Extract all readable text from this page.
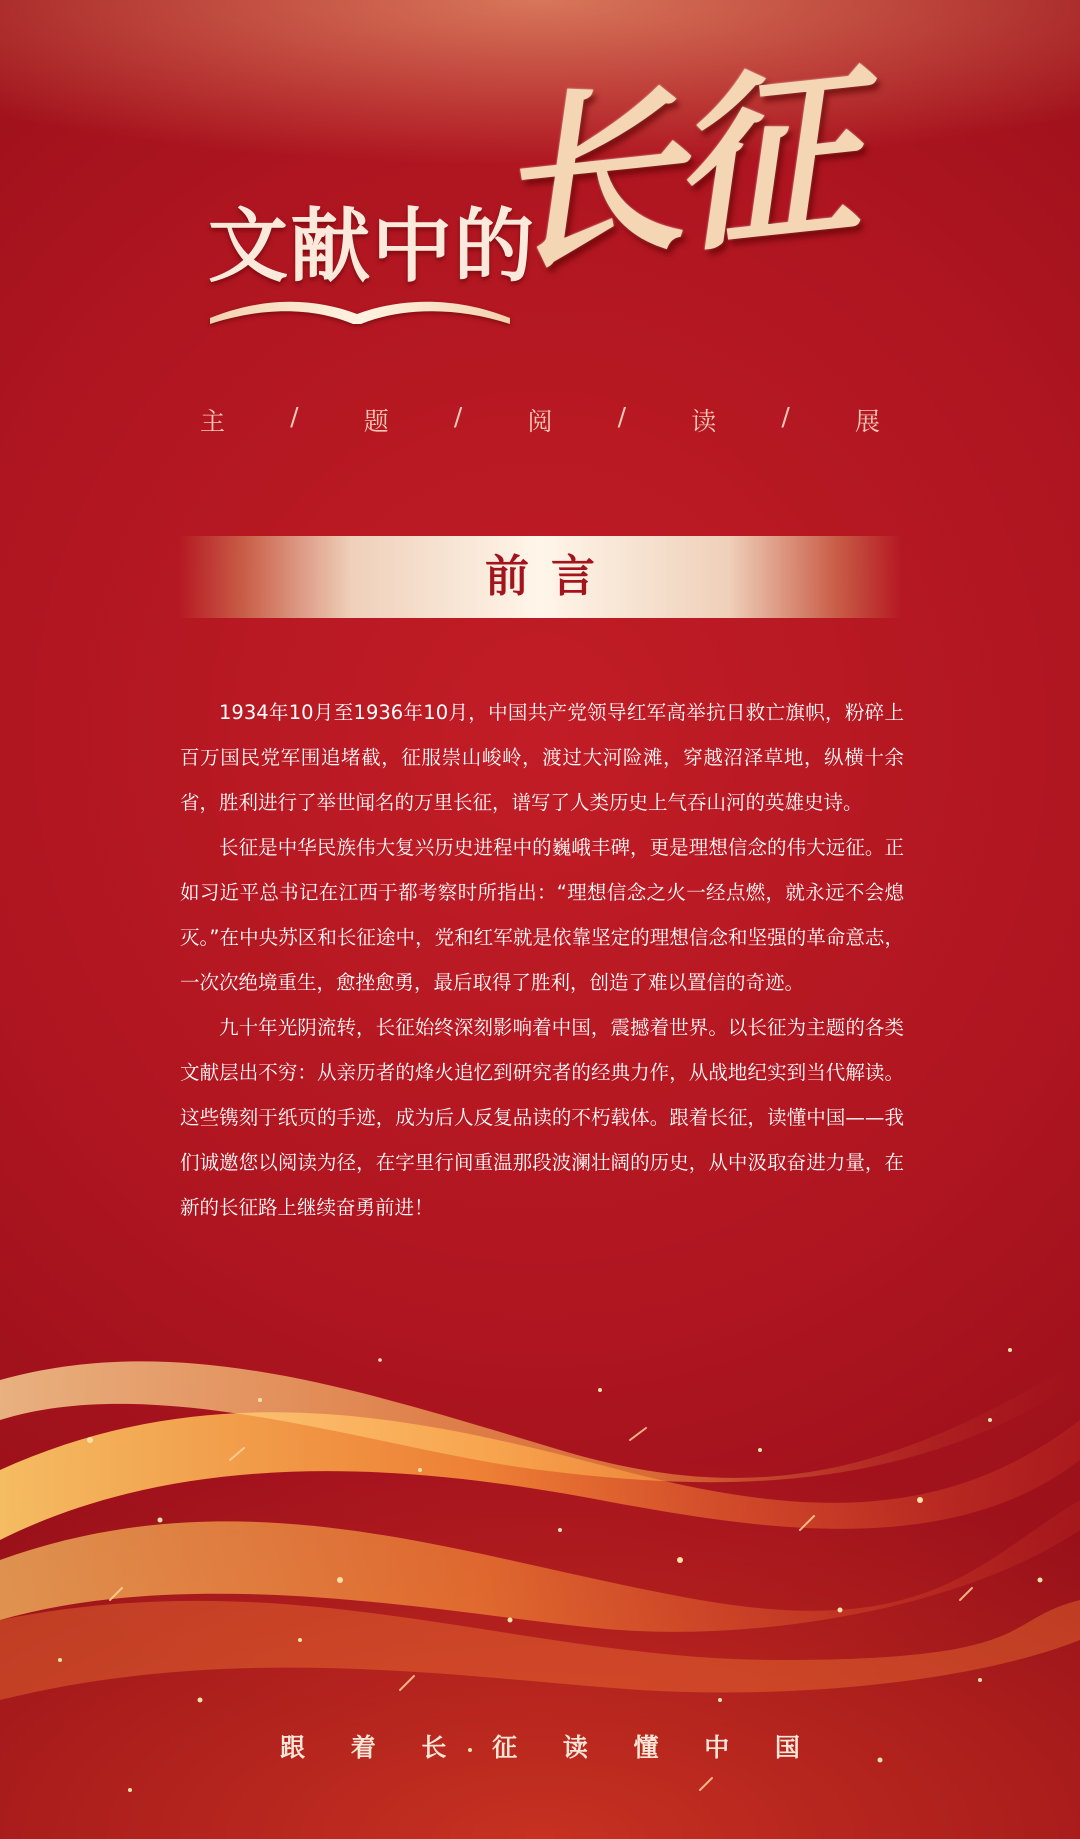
文献中的
长征
主	/	题	/	阅	/	读	/	展
前言

1934年10月至1936年10月，中国共产党领导红军高举抗日救亡旗帜，粉碎上百万国民党军围追堵截，征服崇山峻岭，渡过大河险滩，穿越沼泽草地，纵横十余省，胜利进行了举世闻名的万里长征，谱写了人类历史上气吞山河的英雄史诗。

长征是中华民族伟大复兴历史进程中的巍峨丰碑，更是理想信念的伟大远征。正如习近平总书记在江西于都考察时所指出：“理想信念之火一经点燃，就永远不会熄灭。”在中央苏区和长征途中，党和红军就是依靠坚定的理想信念和坚强的革命意志，一次次绝境重生，愈挫愈勇，最后取得了胜利，创造了难以置信的奇迹。

九十年光阴流转，长征始终深刻影响着中国，震撼着世界。以长征为主题的各类文献层出不穷：从亲历者的烽火追忆到研究者的经典力作，从战地纪实到当代解读。这些镌刻于纸页的手迹，成为后人反复品读的不朽载体。跟着长征，读懂中国——我们诚邀您以阅读为径，在字里行间重温那段波澜壮阔的历史，从中汲取奋进力量，在新的长征路上继续奋勇前进！

跟 着 长 征 读 懂 中 国
